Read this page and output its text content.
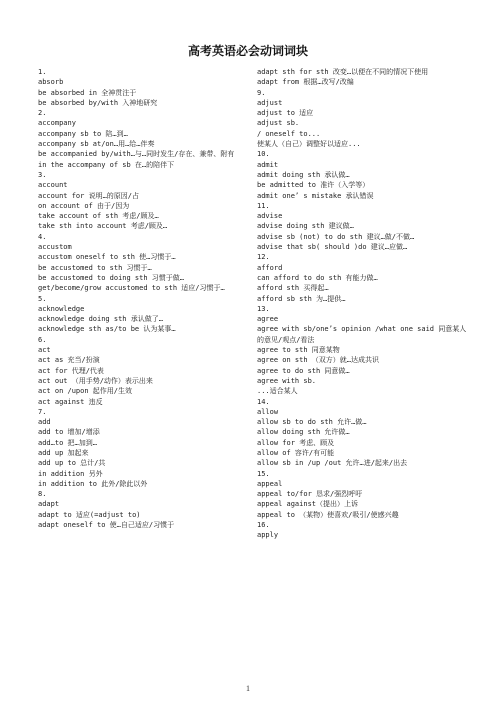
高考英语必会动词词块
1.
absorb
be absorbed in 全神贯注于
be absorbed by/with 入神地研究
2.
accompany
accompany sb to 陪…到…
accompany sb at/on…用…给…伴奏
be accompanied by/with…与…同时发生/存在、兼带、附有
in the accompany of sb 在…的陪伴下
3.
account
account for 说明…的原因/占
on account of 由于/因为
take account of sth 考虑/顾及…
take sth into account 考虑/顾及…
4.
accustom
accustom oneself to sth 使…习惯于…
be accustomed to sth 习惯于…
be accustomed to doing sth 习惯于做…
get/become/grow accustomed to sth 适应/习惯于…
5.
acknowledge
acknowledge doing sth 承认做了…
acknowledge sth as/to be 认为某事…
6.
act
act as 充当/扮演
act for 代理/代表
act out （用手势/动作）表示出来
act on /upon 起作用/生效
act against 违反
7.
add
add to 增加/增添
add…to 把…加到…
add up 加起来
add up to 总计/共
in addition 另外
in addition to 此外/除此以外
8.
adapt
adapt to 适应(=adjust to)
adapt oneself to 使…自己适应/习惯于
adapt sth for sth 改变…以便在不同的情况下使用
adapt from 根据…改写/改编
9.
adjust
adjust to 适应
adjust sb.
/ oneself to...
使某人（自己）调整好以适应...
10.
admit
admit doing sth 承认做…
be admitted to 准许（入学等）
admit one’ s mistake 承认错误
11.
advise
advise doing sth 建议做…
advise sb (not) to do sth 建议…做/不做…
advise that sb( should )do 建议…应做…
12.
afford
can afford to do sth 有能力做…
afford sth 买得起…
afford sb sth 为…提供…
13.
agree
agree with sb/one’s opinion /what one said 同意某人的意见/观点/看法
agree to sth 同意某物
agree on sth （双方）就…达成共识
agree to do sth 同意做…
agree with sb.
...适合某人
14.
allow
allow sb to do sth 允许…做…
allow doing sth 允许做…
allow for 考虑、顾及
allow of 容许/有可能
allow sb in /up /out 允许…进/起来/出去
15.
appeal
appeal to/for 恳求/强烈呼吁
appeal against（提出）上诉
appeal to （某物）使喜欢/吸引/使感兴趣
16.
apply
1
